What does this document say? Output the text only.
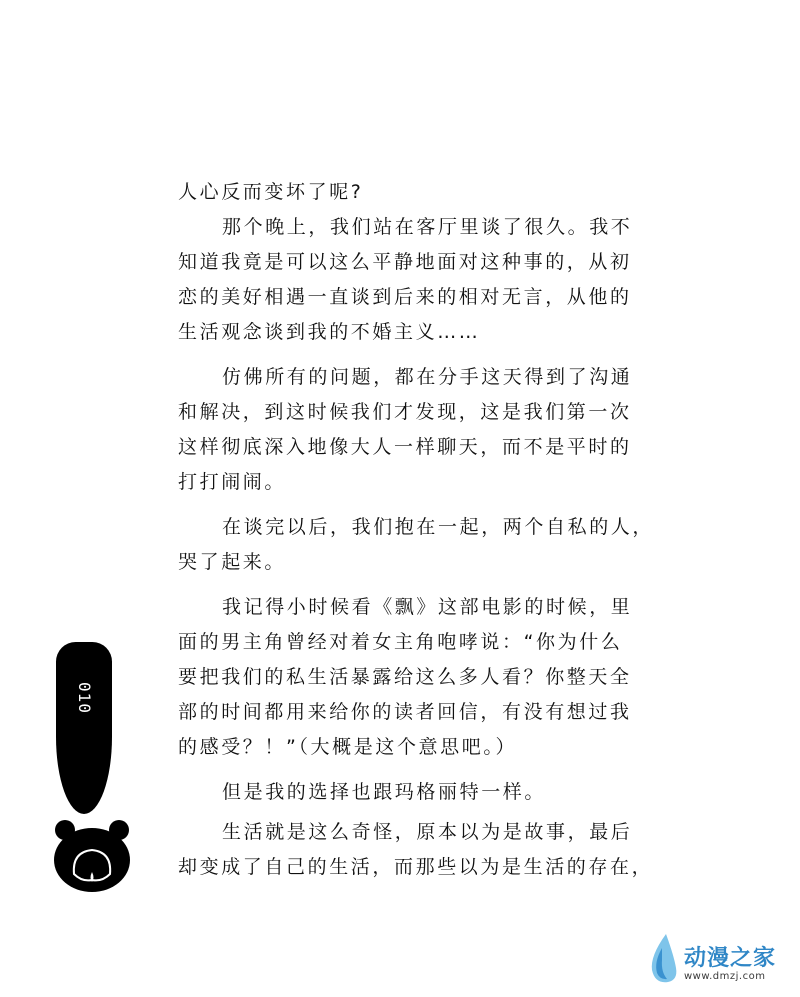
人心反而变坏了呢?
那个晚上，我们站在客厅里谈了很久。我不
知道我竟是可以这么平静地面对这种事的，从初
恋的美好相遇一直谈到后来的相对无言，从他的
生活观念谈到我的不婚主义……
仿佛所有的问题，都在分手这天得到了沟通
和解决，到这时候我们才发现，这是我们第一次
这样彻底深入地像大人一样聊天，而不是平时的
打打闹闹。
在谈完以后，我们抱在一起，两个自私的人，
哭了起来。
我记得小时候看《飘》这部电影的时候，里
面的男主角曾经对着女主角咆哮说：“你为什么
要把我们的私生活暴露给这么多人看？你整天全
部的时间都用来给你的读者回信，有没有想过我
的感受？！”（大概是这个意思吧。）
但是我的选择也跟玛格丽特一样。
生活就是这么奇怪，原本以为是故事，最后
却变成了自己的生活，而那些以为是生活的存在，
010
动漫之家
www.dmzj.com
